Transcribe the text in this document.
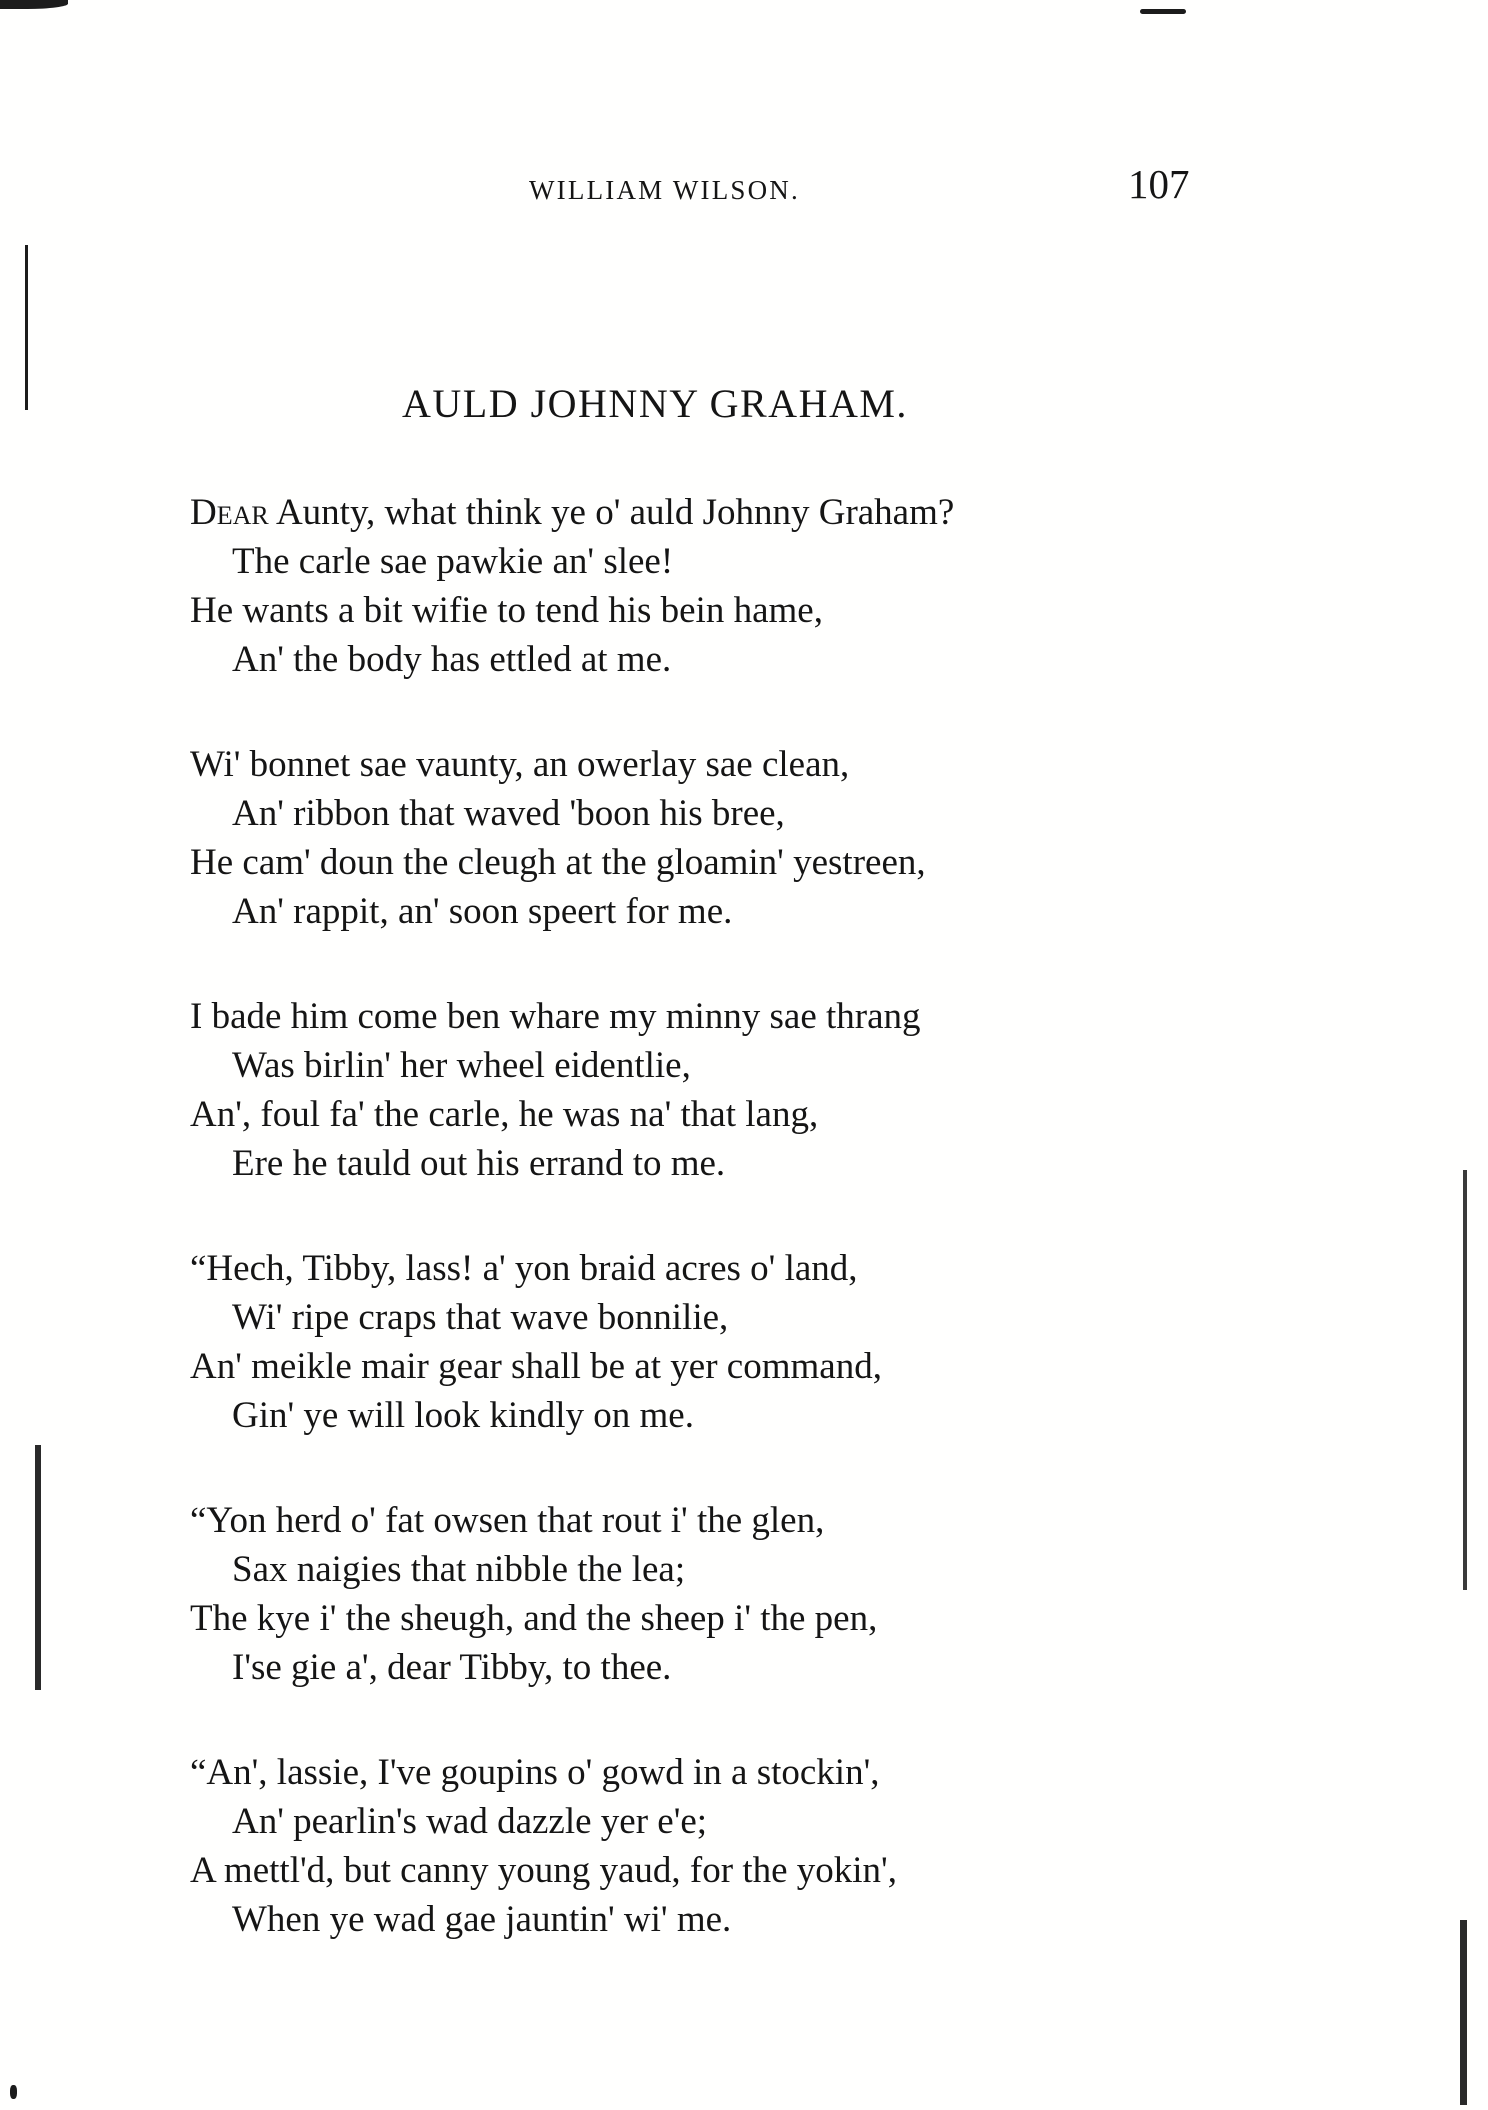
WILLIAM WILSON.	107
AULD JOHNNY GRAHAM.
Dear Aunty, what think ye o' auld Johnny Graham?
The carle sae pawkie an' slee!
He wants a bit wifie to tend his bein hame,
An' the body has ettled at me.
Wi' bonnet sae vaunty, an owerlay sae clean,
An' ribbon that waved 'boon his bree,
He cam' doun the cleugh at the gloamin' yestreen,
An' rappit, an' soon speert for me.
I bade him come ben whare my minny sae thrang
Was birlin' her wheel eidentlie,
An', foul fa' the carle, he was na' that lang,
Ere he tauld out his errand to me.
“Hech, Tibby, lass! a' yon braid acres o' land,
Wi' ripe craps that wave bonnilie,
An' meikle mair gear shall be at yer command,
Gin' ye will look kindly on me.
“Yon herd o' fat owsen that rout i' the glen,
Sax naigies that nibble the lea;
The kye i' the sheugh, and the sheep i' the pen,
I'se gie a', dear Tibby, to thee.
“An', lassie, I've goupins o' gowd in a stockin',
An' pearlin's wad dazzle yer e'e;
A mettl'd, but canny young yaud, for the yokin',
When ye wad gae jauntin' wi' me.
